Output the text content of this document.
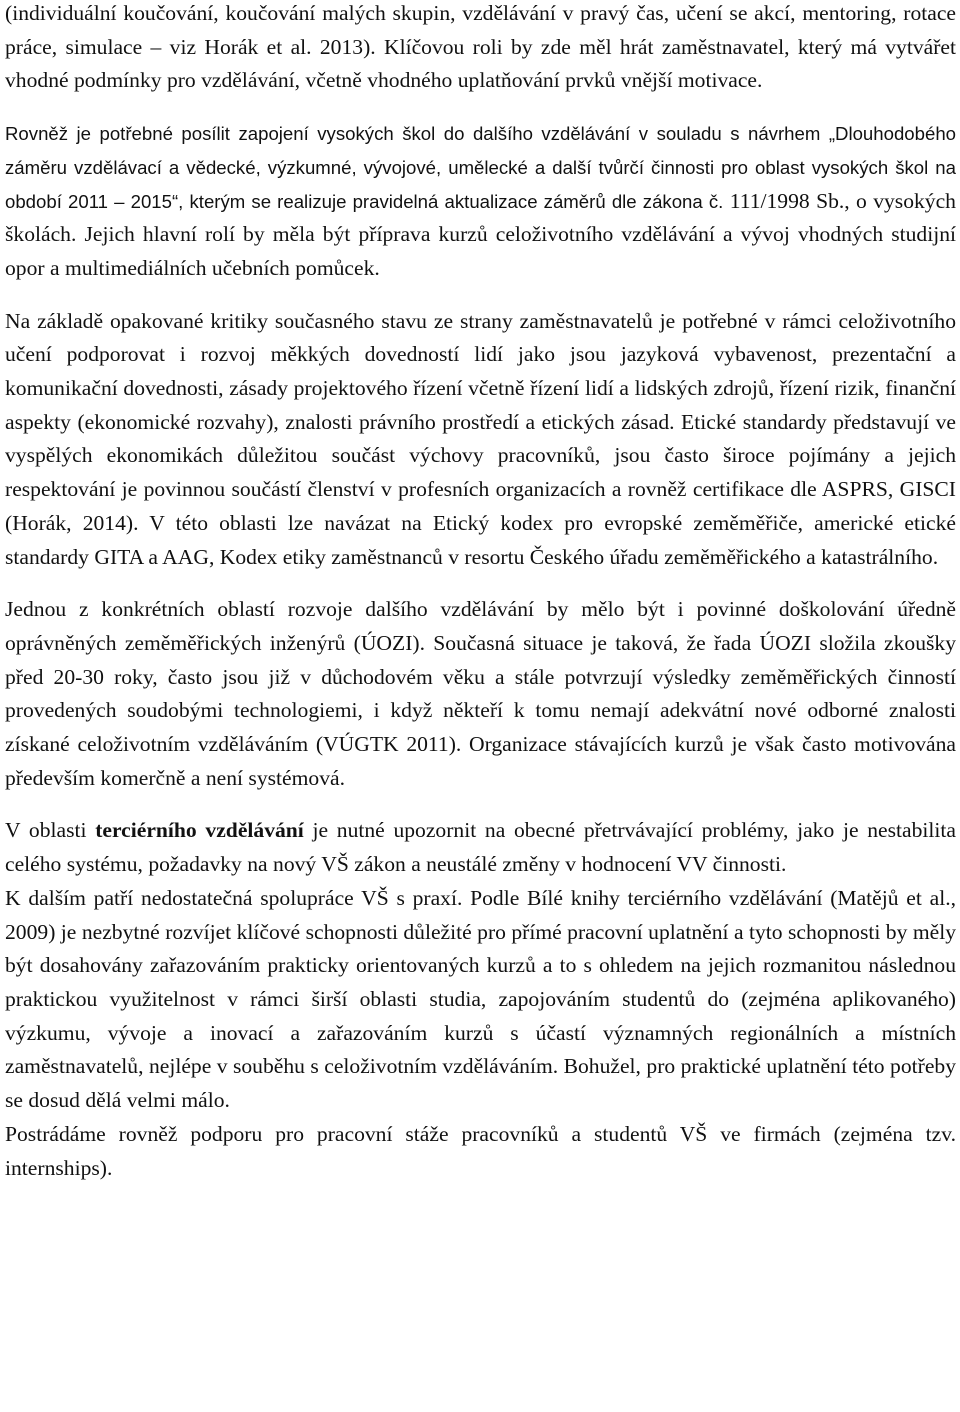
(individuální koučování, koučování malých skupin, vzdělávání v pravý čas, učení se akcí, mentoring, rotace práce, simulace – viz Horák et al. 2013). Klíčovou roli by zde měl hrát zaměstnavatel, který má vytvářet vhodné podmínky pro vzdělávání, včetně vhodného uplatňování prvků vnější motivace.

Rovněž je potřebné posílit zapojení vysokých škol do dalšího vzdělávání v souladu s návrhem „Dlouhodobého záměru vzdělávací a vědecké, výzkumné, vývojové, umělecké a další tvůrčí činnosti pro oblast vysokých škol na období 2011 – 2015“, kterým se realizuje pravidelná aktualizace záměrů dle zákona č. 111/1998 Sb., o vysokých školách. Jejich hlavní rolí by měla být příprava kurzů celoživotního vzdělávání a vývoj vhodných studijní opor a multimediálních učebních pomůcek.

Na základě opakované kritiky současného stavu ze strany zaměstnavatelů je potřebné v rámci celoživotního učení podporovat i rozvoj měkkých dovedností lidí jako jsou jazyková vybavenost, prezentační a komunikační dovednosti, zásady projektového řízení včetně řízení lidí a lidských zdrojů, řízení rizik, finanční aspekty (ekonomické rozvahy), znalosti právního prostředí a etických zásad. Etické standardy představují ve vyspělých ekonomikách důležitou součást výchovy pracovníků, jsou často široce pojímány a jejich respektování je povinnou součástí členství v profesních organizacích a rovněž certifikace dle ASPRS, GISCI (Horák, 2014). V této oblasti lze navázat na Etický kodex pro evropské zeměměřiče, americké etické standardy GITA a AAG, Kodex etiky zaměstnanců v resortu Českého úřadu zeměměřického a katastrálního.

Jednou z konkrétních oblastí rozvoje dalšího vzdělávání by mělo být i povinné doškolování úředně oprávněných zeměměřických inženýrů (ÚOZI). Současná situace je taková, že řada ÚOZI složila zkoušky před 20-30 roky, často jsou již v důchodovém věku a stále potvrzují výsledky zeměměřických činností provedených soudobými technologiemi, i když někteří k tomu nemají adekvátní nové odborné znalosti získané celoživotním vzděláváním (VÚGTK 2011). Organizace stávajících kurzů je však často motivována především komerčně a není systémová.

V oblasti terciérního vzdělávání je nutné upozornit na obecné přetrvávající problémy, jako je nestabilita celého systému, požadavky na nový VŠ zákon a neustálé změny v hodnocení VV činnosti.

K dalším patří nedostatečná spolupráce VŠ s praxí. Podle Bílé knihy terciérního vzdělávání (Matějů et al., 2009) je nezbytné rozvíjet klíčové schopnosti důležité pro přímé pracovní uplatnění a tyto schopnosti by měly být dosahovány zařazováním prakticky orientovaných kurzů a to s ohledem na jejich rozmanitou následnou praktickou využitelnost v rámci širší oblasti studia, zapojováním studentů do (zejména aplikovaného) výzkumu, vývoje a inovací a zařazováním kurzů s účastí významných regionálních a místních zaměstnavatelů, nejlépe v souběhu s celoživotním vzděláváním. Bohužel, pro praktické uplatnění této potřeby se dosud dělá velmi málo.

Postrádáme rovněž podporu pro pracovní stáže pracovníků a studentů VŠ ve firmách (zejména tzv. internships).
